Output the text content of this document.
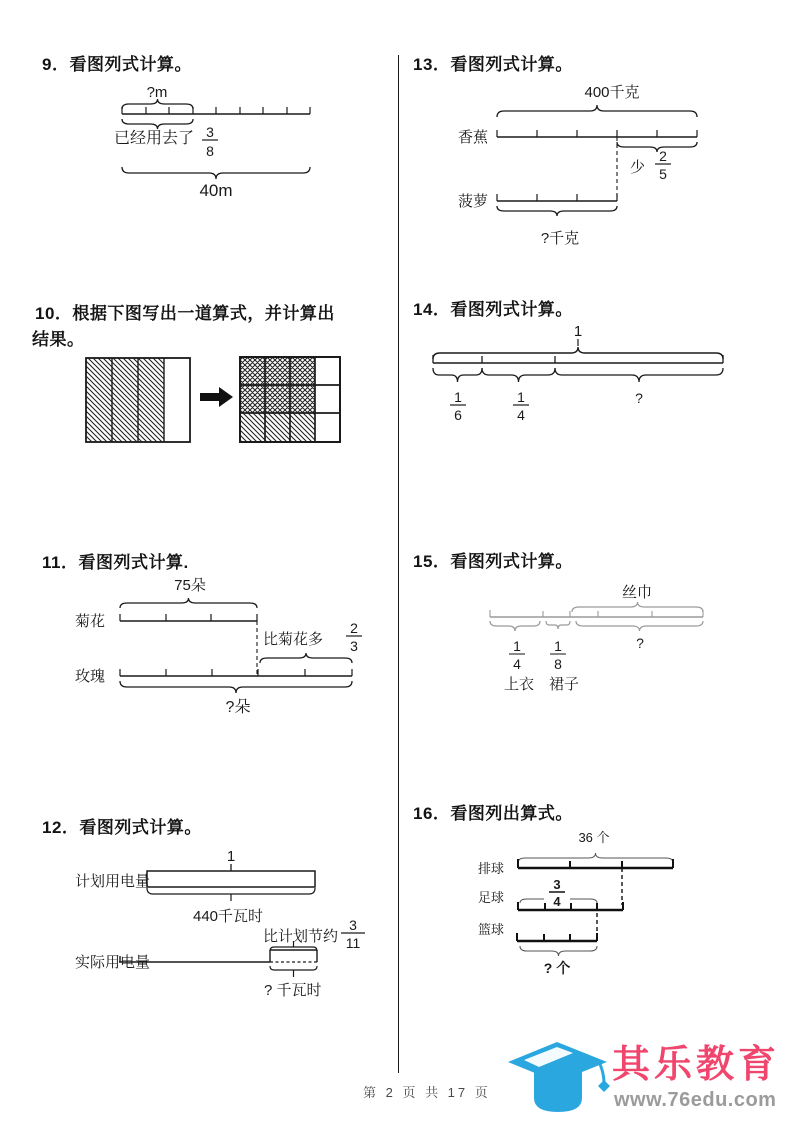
9．看图列式计算。	13．看图列式计算。
10．根据下图写出一道算式，并计算出
结果。
14．看图列式计算。
11．看图列式计算.	15．看图列式计算。
12．看图列式计算。
16．看图列出算式。
?m
已经用去了 3
8
40m
75朵
菊花
比菊花多
2
3
玫瑰
?朵
1
计划用电量
440千瓦时
比计划节约
3
11
实际用电量
? 千瓦时
400千克
香蕉
少
2
5
菠萝
?千克
1
1
6
1
4
?
丝巾
1
4
1
8
?
上衣 裙子
36 个
排球
3
4
足球
篮球
? 个
第 2 页 共 17 页
其乐教育
www.76edu.com
